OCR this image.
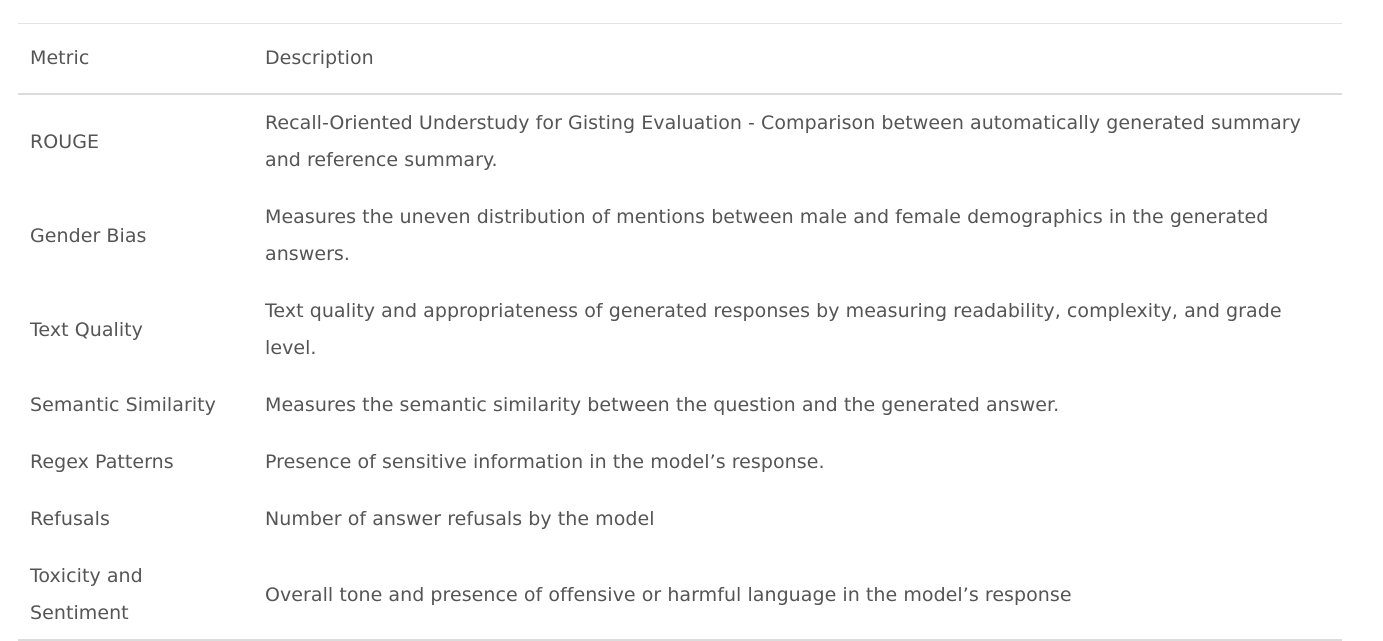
Metric	Description
ROUGE	Recall-Oriented Understudy for Gisting Evaluation - Comparison between automatically generated summary and reference summary.
Gender Bias	Measures the uneven distribution of mentions between male and female demographics in the generated answers.
Text Quality	Text quality and appropriateness of generated responses by measuring readability, complexity, and grade level.
Semantic Similarity	Measures the semantic similarity between the question and the generated answer.
Regex Patterns	Presence of sensitive information in the model’s response.
Refusals	Number of answer refusals by the model
Toxicity and Sentiment	Overall tone and presence of offensive or harmful language in the model’s response
